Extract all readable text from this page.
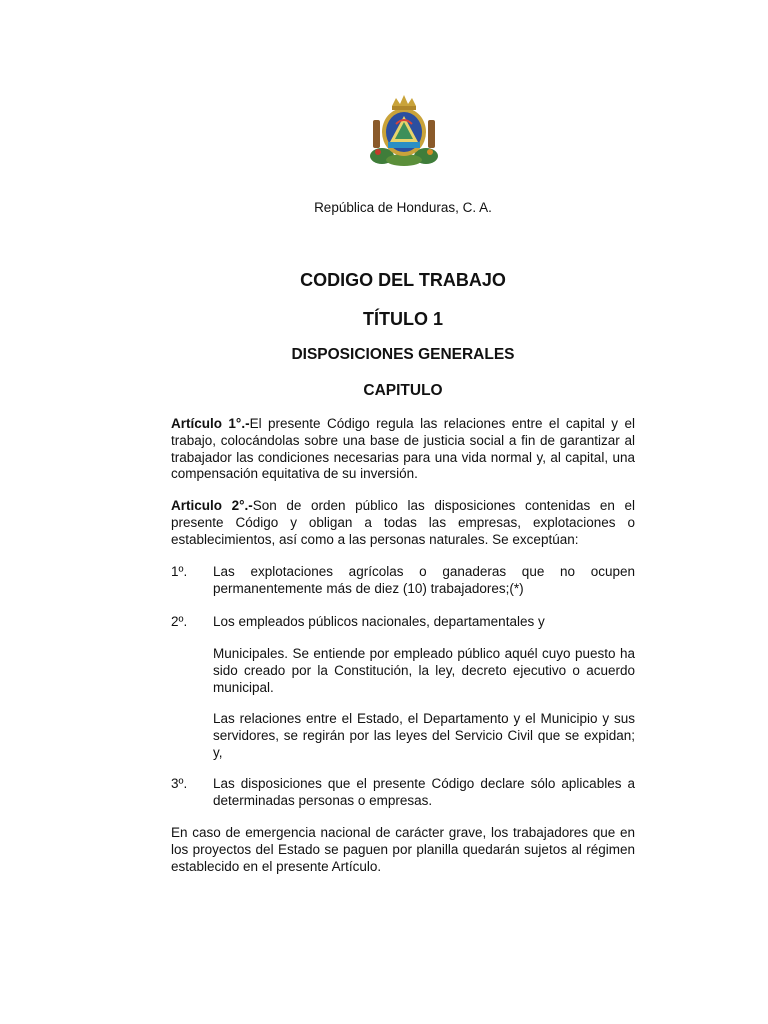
República de Honduras, C. A.
CODIGO DEL TRABAJO
TÍTULO 1
DISPOSICIONES GENERALES
CAPITULO
Artículo 1°.-El presente Código regula las relaciones entre el capital y el trabajo, colocándolas sobre una base de justicia social a fin de garantizar al trabajador las condiciones necesarias para una vida normal y, al capital, una compensación equitativa de su inversión.
Articulo 2°.-Son de orden público las disposiciones contenidas en el presente Código y obligan a todas las empresas, explotaciones o establecimientos, así como a las personas naturales. Se exceptúan:
1º. Las explotaciones agrícolas o ganaderas que no ocupen permanentemente más de diez (10) trabajadores;(*)
2º. Los empleados públicos nacionales, departamentales y
Municipales. Se entiende por empleado público aquél cuyo puesto ha sido creado por la Constitución, la ley, decreto ejecutivo o acuerdo municipal.
Las relaciones entre el Estado, el Departamento y el Municipio y sus servidores, se regirán por las leyes del Servicio Civil que se expidan; y,
3º. Las disposiciones que el presente Código declare sólo aplicables a determinadas personas o empresas.
En caso de emergencia nacional de carácter grave, los trabajadores que en los proyectos del Estado se paguen por planilla quedarán sujetos al régimen establecido en el presente Artículo.
